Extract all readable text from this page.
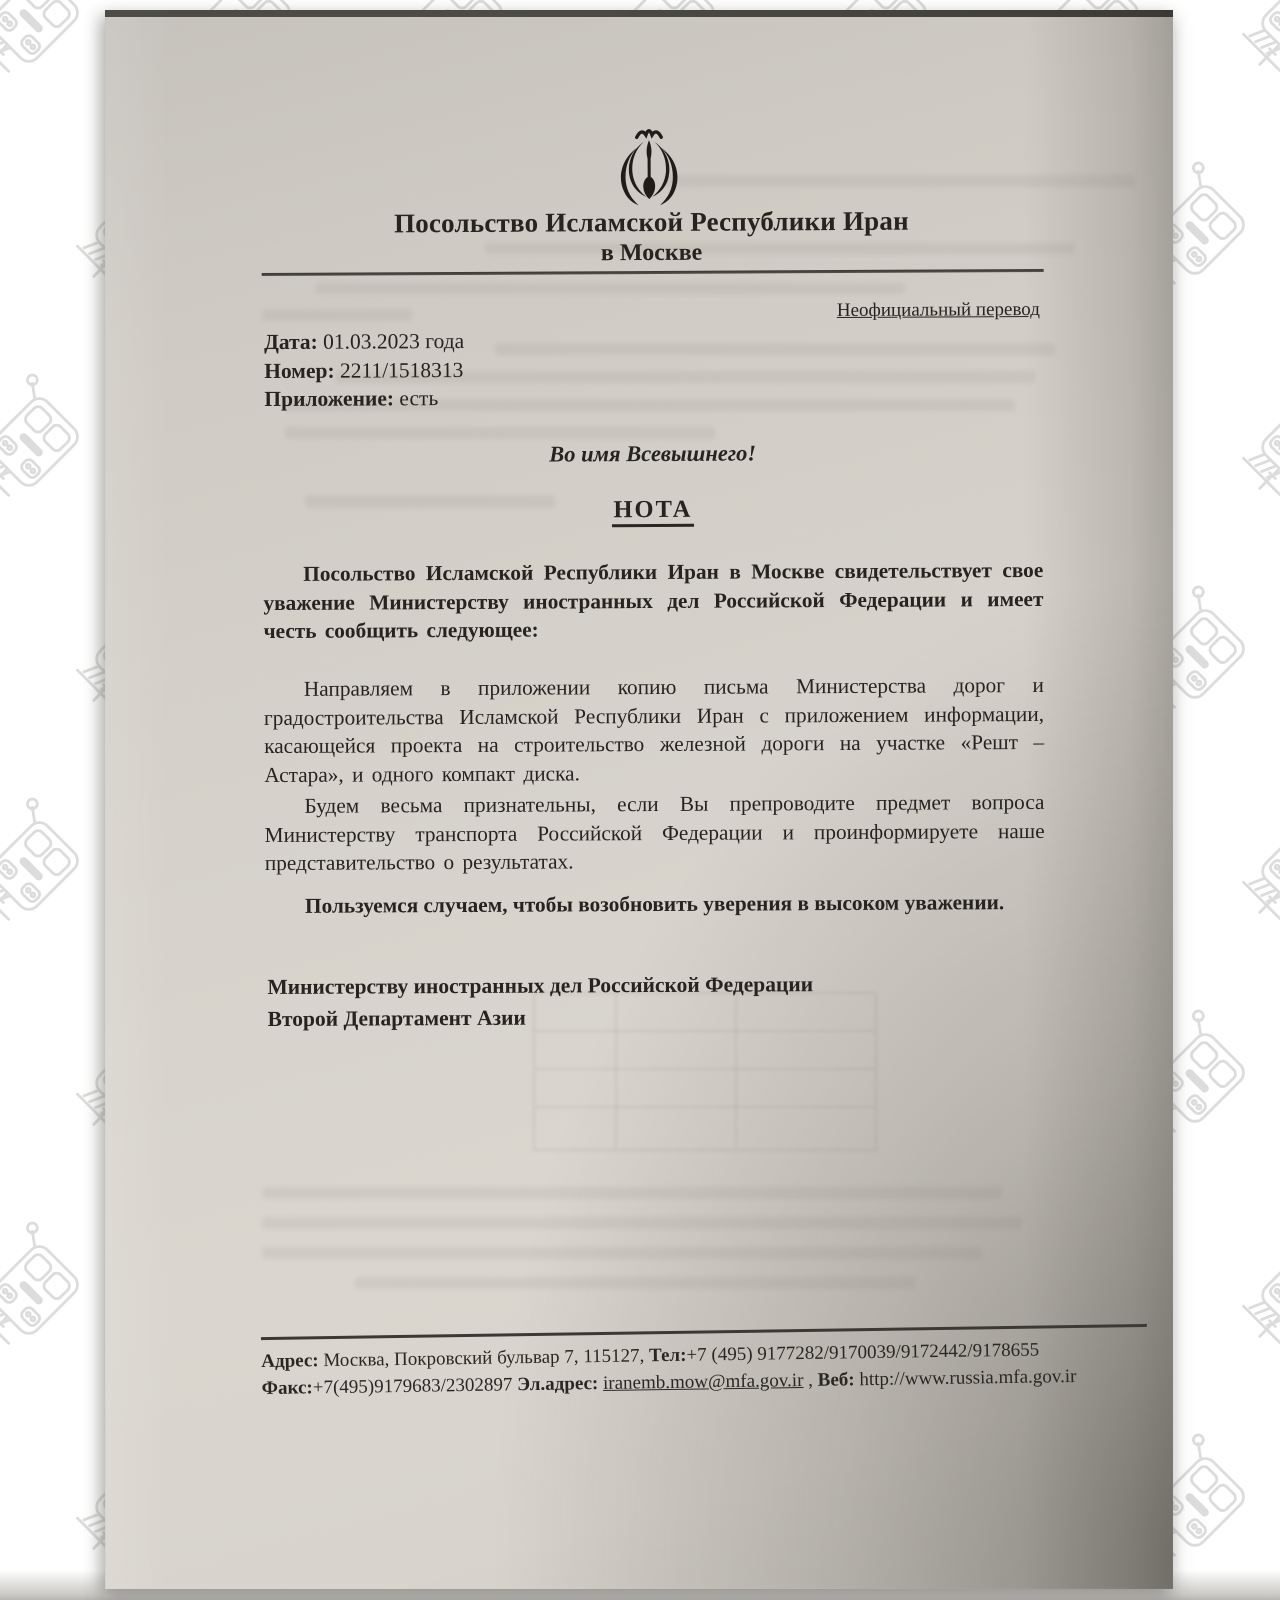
Посольство Исламской Республики Иран
в Москве
Неофициальный перевод
Дата: 01.03.2023 года
Номер: 2211/1518313
Приложение: есть
Во имя Всевышнего!
НОТА

Посольство Исламской Республики Иран в Москве свидетельствует свое уважение Министерству иностранных дел Российской Федерации и имеет честь сообщить следующее:

Направляем в приложении копию письма Министерства дорог и градостроительства Исламской Республики Иран с приложением информации, касающейся проекта на строительство железной дороги на участке «Решт – Астара», и одного компакт диска.

Будем весьма признательны, если Вы препроводите предмет вопроса Министерству транспорта Российской Федерации и проинформируете наше представительство о результатах.

Пользуемся случаем, чтобы возобновить уверения в высоком уважении.

Министерству иностранных дел Российской Федерации
Второй Департамент Азии
Адрес: Москва, Покровский бульвар 7, 115127, Тел:+7 (495) 9177282/9170039/9172442/9178655
Факс:+7(495)9179683/2302897 Эл.адрес: iranemb.mow@mfa.gov.ir , Веб: http://www.russia.mfa.gov.ir
